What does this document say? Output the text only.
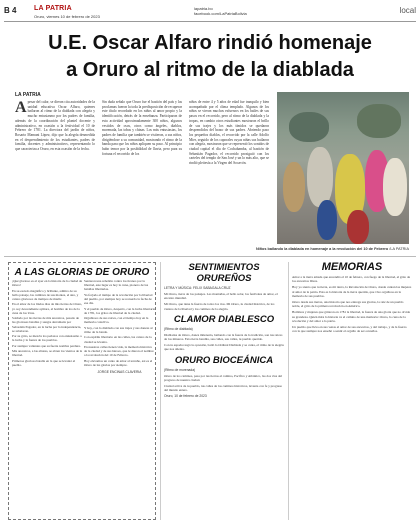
B 4	LA PATRIA
Oruro, viernes 10 de febrero de 2023
lapatria.bo
facebook.com/LaPatriaBolivia	local
U.E. Oscar Alfaro rindió homenaje
a Oruro al ritmo de la diablada
LA PATRIA
Apesar del calor, se dieron cita autoridades de la unidad educativa Oscar Alfaro, quienes bailaron al ritmo de la diablada con alegría y mucho entusiasmo por los padres de familia, además de la coordinación del plantel docente y administrativo, en ocasión a la festividad el 10 de Febrero de 1781. La directora del jardín de niños, Rosario Mamani López, dijo que la alegría desmedida en el desprendimiento de los estudiantes, padres de familia, docentes y administrativos, representando lo que caracteriza a Oruro, en esta ocasión de la fecha.
Sin duda señalo que Oruro fue el bastión del país y las proclamas fueron la toda la predisposición de recuperar este título recordado en los niños al amor propio y la identificación, detrás de la enseñanza. Participaron de esta actividad aproximadamente 300 niños, algunos vestidos de osos, otros como ángeles, diablos, morenada, las tobas y chinas. Los más entusiastas, los padres de familia que también se vistieron, a sus niños, dirigiéndose a su comunidad, mostrando el ritmo de la banda para que los niños apliquen su paso. Al principio hubo temor por la posibilidad de lluvia, pero para su fortuna el recorrido de los
niños de entre 4 y 5 años de edad fue tranquilo y bien acompañado por el clima templado. Algunos de los niños se vieron muchos esfuerzos en los bailes de sus pasos en el recorrido, pero al ritmo de la diablada y la tropas, en cambio otros estudiantes mostraron el brillo de sus trajes y los más tímidos se quedaron desprendidos del brazo de sus padres. Abriendo paso los pequeños diablos, el recorrido por la calle Adolfo Mier, seguido de los caporales cuyas niñas sus bailaron con alegría, mostraron que se representó los sonidos de ciudad capital el día de Cochabamba, al bastión de Sebastián Pagador, el recorrido prosiguió con los carteles del templo de San José y un lo más alto, que se rindió pleitesía a la Virgen del Socavón.
Niños bailando la diablada en homenaje a la revolución del 10 de Febrero /LA PATRIA
A LAS GLORIAS DE ORURO

¡Qué glorioso es el ayer en la historia de la ciudad de Oruro!

En su escudo magnífico y brillante, admiro de su bello paisaje, las cumbres de sus montes, el aire, y cantos gloriosos de tiempos de martir.

En el amor de los lindos días de mis tierras de Oruro, yo soy descendiente aymara, el hombre de los de la cuna de los Urus.

Soldado por las tierras de mis ancestros, pasado de las gloriosas batallas y sangre derramada por Sebastián Pagador, en la lucha por la independencia, se rebelaron.

Por su grito, se mezcla los pedazos con entusiasmo a la lucha y la fuerza de los pueblos.

Por siempre valientes que su fuerte nombre perdura.

Mis ancestros, a las alturas, se abren los vientos de la libertad.

Primeroa gloriosa batalla en la que se levantó el pueblo.

Sentaron una rebelión contra los tiranos por la libertad, este lugar es hoy la cuna, pionero de las batallas libertarias.

Ya forjado el tiempo de la revolución por la libertad del pueblo, por siempre hoy se recuerda la fecha de ese día.

Y el pueblo de Oruro, despertó, con la lucha libertaria de 1781, los gritos de libertad de la ciudad.

Orgullosos de sus raíces, con el tiempo hoy en la memoria colectiva.

Y hoy, con la diablada con sus trajes y sus danzas al ritmo de la banda.

Con espíritu libertario en las calles, las cantos de la ciudad se levanta.

En nuestras calles tienen vida, la memoria histórica de la ciudad y de sus héroes, que le dieron el nombre a la revolución del 10 de Febrero.

Hoy elevamos un canto de amor al terruño, así es el Oruro de las glorias por siempre.

JORGE ENCINAS CLAVERIA

SENTIMIENTOS ORUREÑOS

LETRA Y MÚSICA: FELIX SABAGALA CRUZ

Mi Oruro, tierra de los paisajes. Las montañas, el bello solar, los festivales de amor, el encanto mundial.

Mi Oruro, que tiene la fuerza de todos los ríos. Mi Oruro, tu ciudad histórica, de los vientos de la libertad y los caminos de la alegría.

CLAMOR DIABLESCO

(Ritmo de diablada)

Diabladas de Oruro, danza milenaria, bailando con la fuerza de la tradición, son tus raíces de los mineros. Esta tierra bendita, sus calles, sus calles, tu pueblo querido.

Con tu espada rasgó la opresión, bailó la Ordinal Diablada y se canta, el ritmo de la alegría que nos alienta.

ORURO BIOCEÁNICA

(Ritmo de morenada)

Oruro de los caminos, pasa por tus tierras el camino, Pacífico y Atlántico, las dos vías del progreso de nuestra ciudad.

Ciudad activa de tu pueblo, tus calles de los caminos históricos, levanta con fe y progreso del mundo entero.

Oruro, 10 de febrero de 2023

MEMORIAS

Amor a la tierra amada que encendió el 10 de febrero, con fuego de la libertad, el grito de los ancestros libres.

Hoy yo siento que tu tierra, es mi tierra, la Revolución de Oruro, donde cantan las mujeres al amor de la patria. Esta es la historia de la tierra querida, que vive orgullosa en la memoria de sus pueblos.

Oruro desde sus tierras, una historia que nos entrega sus glorias, la raíz de un pueblo noble, el grito de la primera revolución en América.

Hombres y mujeres que gritaron en 1781 la libertad, la fuerza de una gloria que no olvida su grandeza. Quién mira la historia ve el camino de una memoria: Oruro, la cuna de la revolución y del amor a la patria.

Un pueblo que lleva en sus venas el amor de sus ancestros, y del trabajo, y de la fuerza con la que siempre nos enseñó a sentir el orgullo de ser orureños.
